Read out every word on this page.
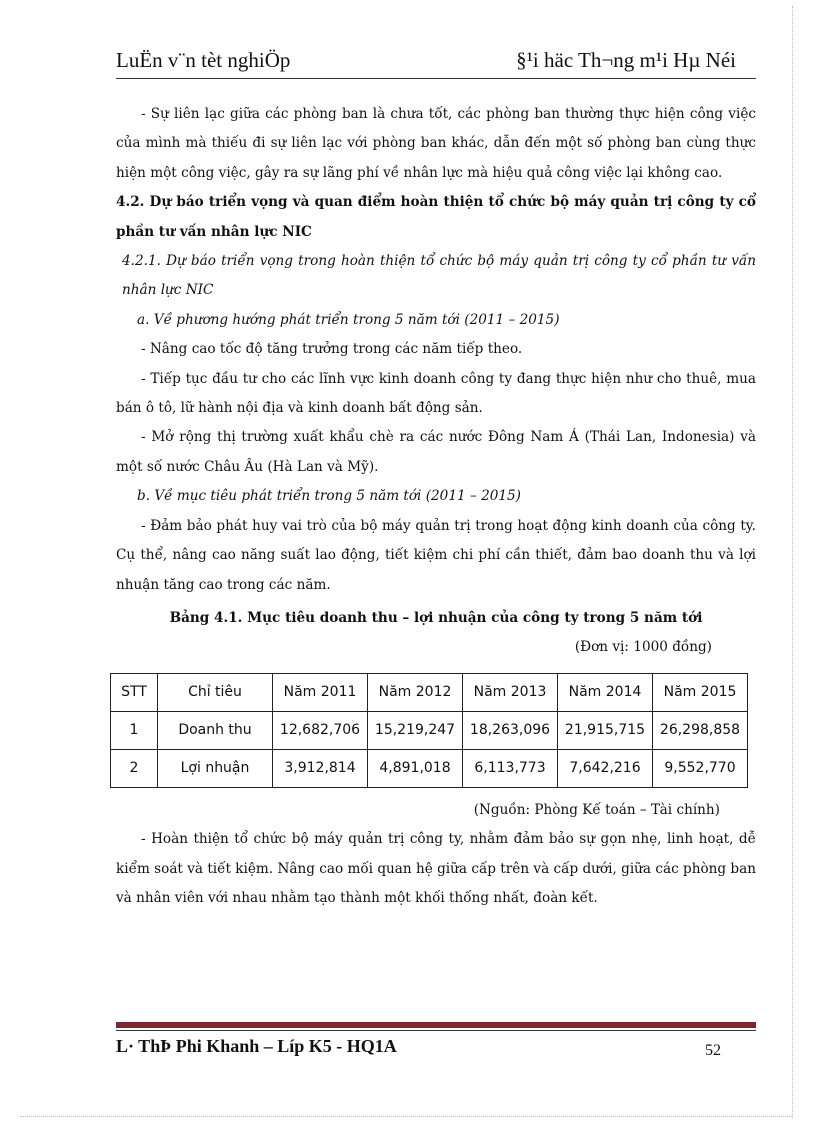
LuËn v¨n tèt nghiÖp	§¹i häc Th¬ng m¹i Hµ Néi

- Sự liên lạc giữa các phòng ban là chưa tốt, các phòng ban thường thực hiện công việc của mình mà thiếu đi sự liên lạc với phòng ban khác, dẫn đến một số phòng ban cùng thực hiện một công việc, gây ra sự lãng phí về nhân lực mà hiệu quả công việc lại không cao.

4.2. Dự báo triển vọng và quan điểm hoàn thiện tổ chức bộ máy quản trị công ty cổ phần tư vấn nhân lực NIC

4.2.1. Dự báo triển vọng trong hoàn thiện tổ chức bộ máy quản trị công ty cổ phần tư vấn nhân lực NIC

a. Về phương hướng phát triển trong 5 năm tới (2011 – 2015)

- Nâng cao tốc độ tăng trưởng trong các năm tiếp theo.

- Tiếp tục đầu tư cho các lĩnh vực kinh doanh công ty đang thực hiện như cho thuê, mua bán ô tô, lữ hành nội địa và kinh doanh bất động sản.

- Mở rộng thị trường xuất khẩu chè ra các nước Đông Nam Á (Thái Lan, Indonesia) và một số nước Châu Âu (Hà Lan và Mỹ).

b. Về mục tiêu phát triển trong 5 năm tới (2011 – 2015)

- Đảm bảo phát huy vai trò của bộ máy quản trị trong hoạt động kinh doanh của công ty. Cụ thể, nâng cao năng suất lao động, tiết kiệm chi phí cần thiết, đảm bao doanh thu và lợi nhuận tăng cao trong các năm.

Bảng 4.1. Mục tiêu doanh thu – lợi nhuận của công ty trong 5 năm tới

(Đơn vị: 1000 đồng)

STT	Chỉ tiêu	Năm 2011	Năm 2012	Năm 2013	Năm 2014	Năm 2015
1	Doanh thu	12,682,706	15,219,247	18,263,096	21,915,715	26,298,858
2	Lợi nhuận	3,912,814	4,891,018	6,113,773	7,642,216	9,552,770

(Nguồn: Phòng Kế toán – Tài chính)

- Hoàn thiện tổ chức bộ máy quản trị công ty, nhằm đảm bảo sự gọn nhẹ, linh hoạt, dễ kiểm soát và tiết kiệm. Nâng cao mối quan hệ giữa cấp trên và cấp dưới, giữa các phòng ban và nhân viên với nhau nhằm tạo thành một khối thống nhất, đoàn kết.

L· ThÞ Phi Khanh – Líp K5 - HQ1A	52
